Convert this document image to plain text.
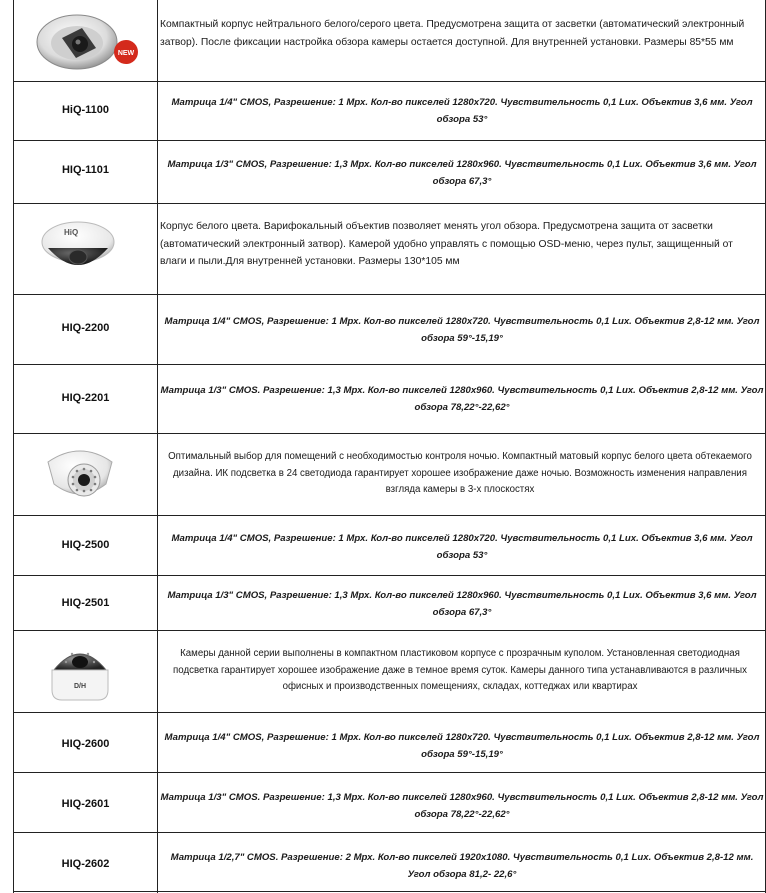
NEW
Компактный корпус нейтрального белого/серого цвета. Предусмотрена защита от засветки (автоматический электронный затвор). После фиксации настройка обзора камеры остается доступной. Для внутренней установки. Размеры 85*55 мм
HiQ-1100
Матрица 1/4" CMOS, Разрешение: 1 Мрх. Кол-во пикселей 1280x720. Чувствительность 0,1 Lux. Объектив 3,6 мм. Угол обзора 53°
HIQ-1101	Матрица 1/3" CMOS, Разрешение: 1,3 Мрх. Кол-во пикселей 1280x960. Чувствительность 0,1 Lux. Объектив 3,6 мм. Угол обзора 67,3°
HiQ
Корпус белого цвета. Варифокальный объектив позволяет менять угол обзора. Предусмотрена защита от засветки (автоматический электронный затвор). Камерой удобно управлять с помощью OSD-меню, через пульт, защищенный от влаги и пыли.Для внутренней установки. Размеры 130*105 мм
HIQ-2200
Матрица 1/4" CMOS, Разрешение: 1 Мрх. Кол-во пикселей 1280x720. Чувствительность 0,1 Lux. Объектив 2,8-12 мм. Угол обзора 59°-15,19°
HIQ-2201
Матрица 1/3" CMOS. Разрешение: 1,3 Мрх. Кол-во пикселей 1280x960. Чувствительность 0,1 Lux. Объектив 2,8-12 мм. Угол обзора 78,22°-22,62°
Оптимальный выбор для помещений с необходимостью контроля ночью. Компактный матовый корпус белого цвета обтекаемого дизайна. ИК подсветка в 24 светодиода гарантирует хорошее изображение даже ночью. Возможность изменения направления взгляда камеры в 3-х плоскостях
HIQ-2500
Матрица 1/4" CMOS, Разрешение: 1 Мрх. Кол-во пикселей 1280x720. Чувствительность 0,1 Lux. Объектив 3,6 мм. Угол обзора 53°
HIQ-2501
Матрица 1/3" CMOS, Разрешение: 1,3 Мрх. Кол-во пикселей 1280x960. Чувствительность 0,1 Lux. Объектив 3,6 мм. Угол обзора 67,3°
D/H
Камеры данной серии выполнены в компактном пластиковом корпусе с прозрачным куполом. Установленная светодиодная подсветка гарантирует хорошее изображение даже в темное время суток. Камеры данного типа устанавливаются в различных офисных и производственных помещениях, складах, коттеджах или квартирах
HIQ-2600
Матрица 1/4" CMOS, Разрешение: 1 Мрх. Кол-во пикселей 1280x720. Чувствительность 0,1 Lux. Объектив 2,8-12 мм. Угол обзора 59°-15,19°
HIQ-2601
Матрица 1/3" CMOS. Разрешение: 1,3 Мрх. Кол-во пикселей 1280x960. Чувствительность 0,1 Lux. Объектив 2,8-12 мм. Угол обзора 78,22°-22,62°
HIQ-2602
Матрица 1/2,7" CMOS. Разрешение: 2 Мрх. Кол-во пикселей 1920x1080. Чувствительность 0,1 Lux. Объектив 2,8-12 мм. Угол обзора 81,2- 22,6°
